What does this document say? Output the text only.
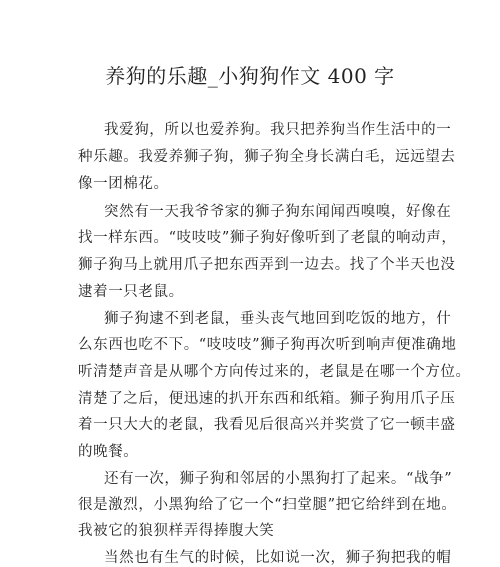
养狗的乐趣_小狗狗作文 400 字
我爱狗，所以也爱养狗。我只把养狗当作生活中的一
种乐趣。我爱养狮子狗，狮子狗全身长满白毛，远远望去
像一团棉花。
突然有一天我爷爷家的狮子狗东闻闻西嗅嗅，好像在
找一样东西。“吱吱吱”狮子狗好像听到了老鼠的响动声，
狮子狗马上就用爪子把东西弄到一边去。找了个半天也没
逮着一只老鼠。
狮子狗逮不到老鼠，垂头丧气地回到吃饭的地方，什
么东西也吃不下。“吱吱吱”狮子狗再次听到响声便准确地
听清楚声音是从哪个方向传过来的，老鼠是在哪一个方位。
清楚了之后，便迅速的扒开东西和纸箱。狮子狗用爪子压
着一只大大的老鼠，我看见后很高兴并奖赏了它一顿丰盛
的晚餐。
还有一次，狮子狗和邻居的小黑狗打了起来。“战争”
很是激烈，小黑狗给了它一个“扫堂腿”把它给绊到在地。
我被它的狼狈样弄得捧腹大笑
当然也有生气的时候，比如说一次，狮子狗把我的帽
